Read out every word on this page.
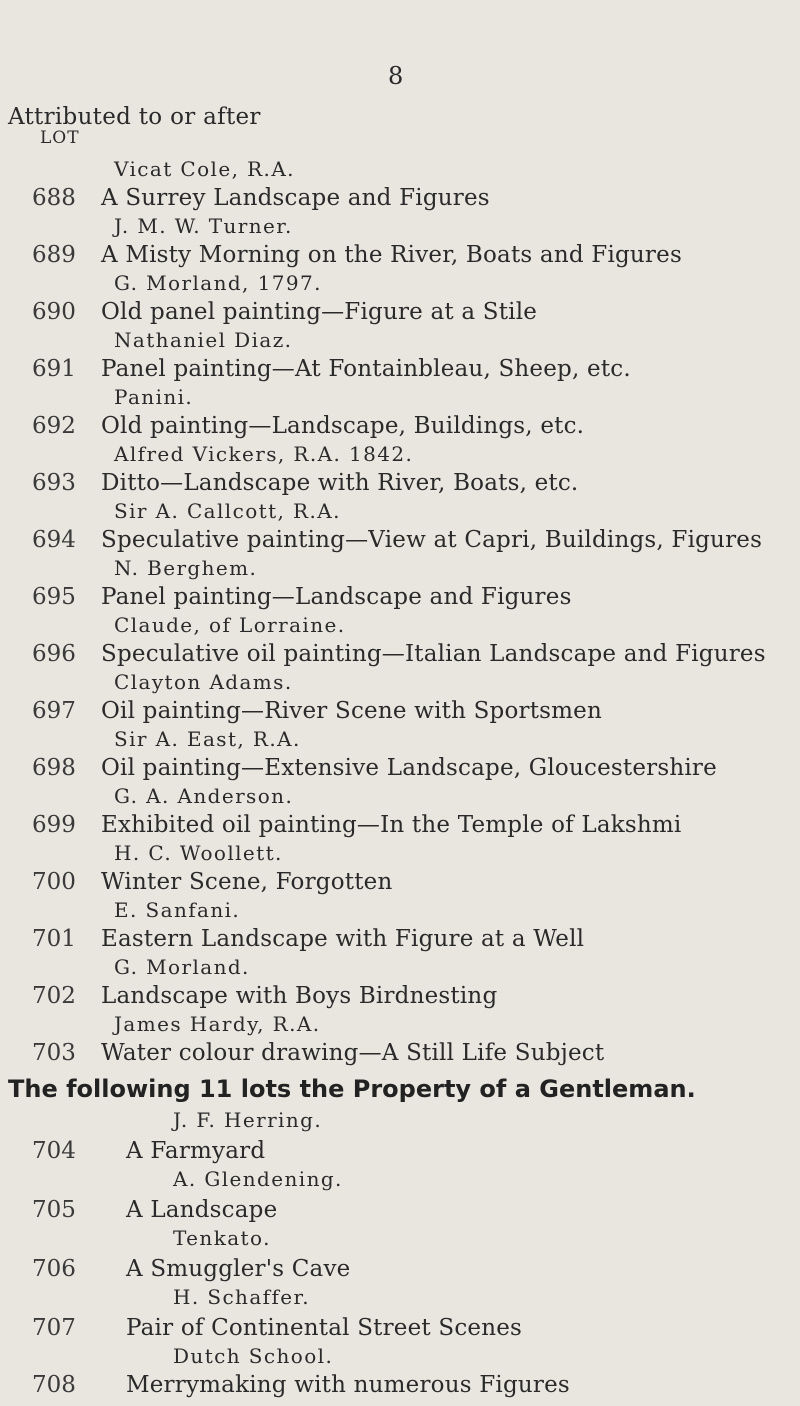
8
Attributed to or after
LOT
Vicat Cole, R.A.
688 A Surrey Landscape and Figures
J. M. W. Turner.
689 A Misty Morning on the River, Boats and Figures
G. Morland, 1797.
690 Old panel painting—Figure at a Stile
Nathaniel Diaz.
691 Panel painting—At Fontainbleau, Sheep, etc.
Panini.
692 Old painting—Landscape, Buildings, etc.
Alfred Vickers, R.A. 1842.
693 Ditto—Landscape with River, Boats, etc.
Sir A. Callcott, R.A.
694 Speculative painting—View at Capri, Buildings, Figures
N. Berghem.
695 Panel painting—Landscape and Figures
Claude, of Lorraine.
696 Speculative oil painting—Italian Landscape and Figures
Clayton Adams.
697 Oil painting—River Scene with Sportsmen
Sir A. East, R.A.
698 Oil painting—Extensive Landscape, Gloucestershire
G. A. Anderson.
699 Exhibited oil painting—In the Temple of Lakshmi
H. C. Woollett.
700 Winter Scene, Forgotten
E. Sanfani.
701 Eastern Landscape with Figure at a Well
G. Morland.
702 Landscape with Boys Birdnesting
James Hardy, R.A.
703 Water colour drawing—A Still Life Subject
The following 11 lots the Property of a Gentleman.
J. F. Herring.
704 A Farmyard
A. Glendening.
705 A Landscape
Tenkato.
706 A Smuggler's Cave
H. Schaffer.
707 Pair of Continental Street Scenes
Dutch School.
708 Merrymaking with numerous Figures
